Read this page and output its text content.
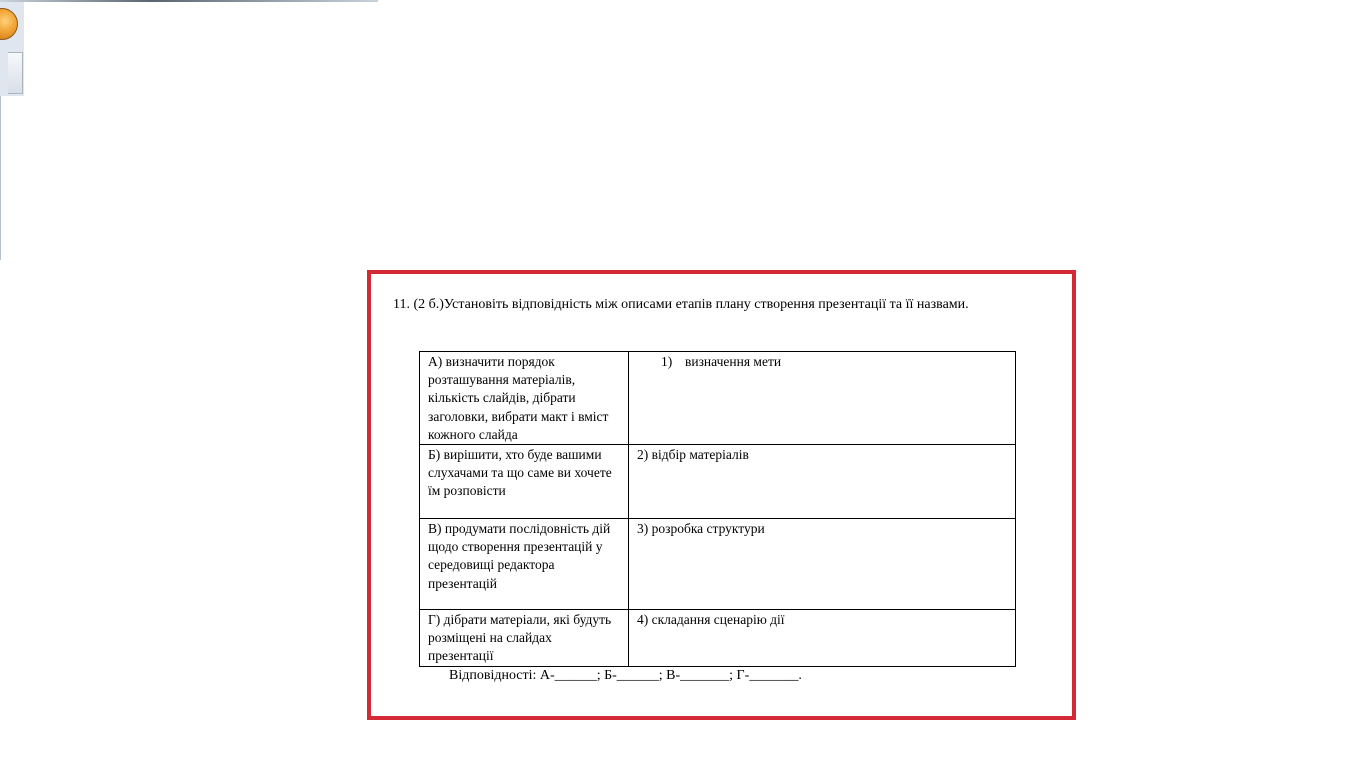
11. (2 б.)Установіть відповідність між описами етапів плану створення презентації та її назвами.
А) визначити порядок розташування матеріалів, кількість слайдів, дібрати заголовки, вибрати макт і вміст кожного слайда	1) визначення мети
Б) вирішити, хто буде вашими слухачами та що саме ви хочете їм розповісти	2) відбір матеріалів
В) продумати послідовність дій щодо створення презентацій у середовищі редактора презентацій	3) розробка структури
Г) дібрати матеріали, які будуть розміщені на слайдах презентації	4) складання сценарію дії
Відповідності: А-______; Б-______; В-_______; Г-_______.
